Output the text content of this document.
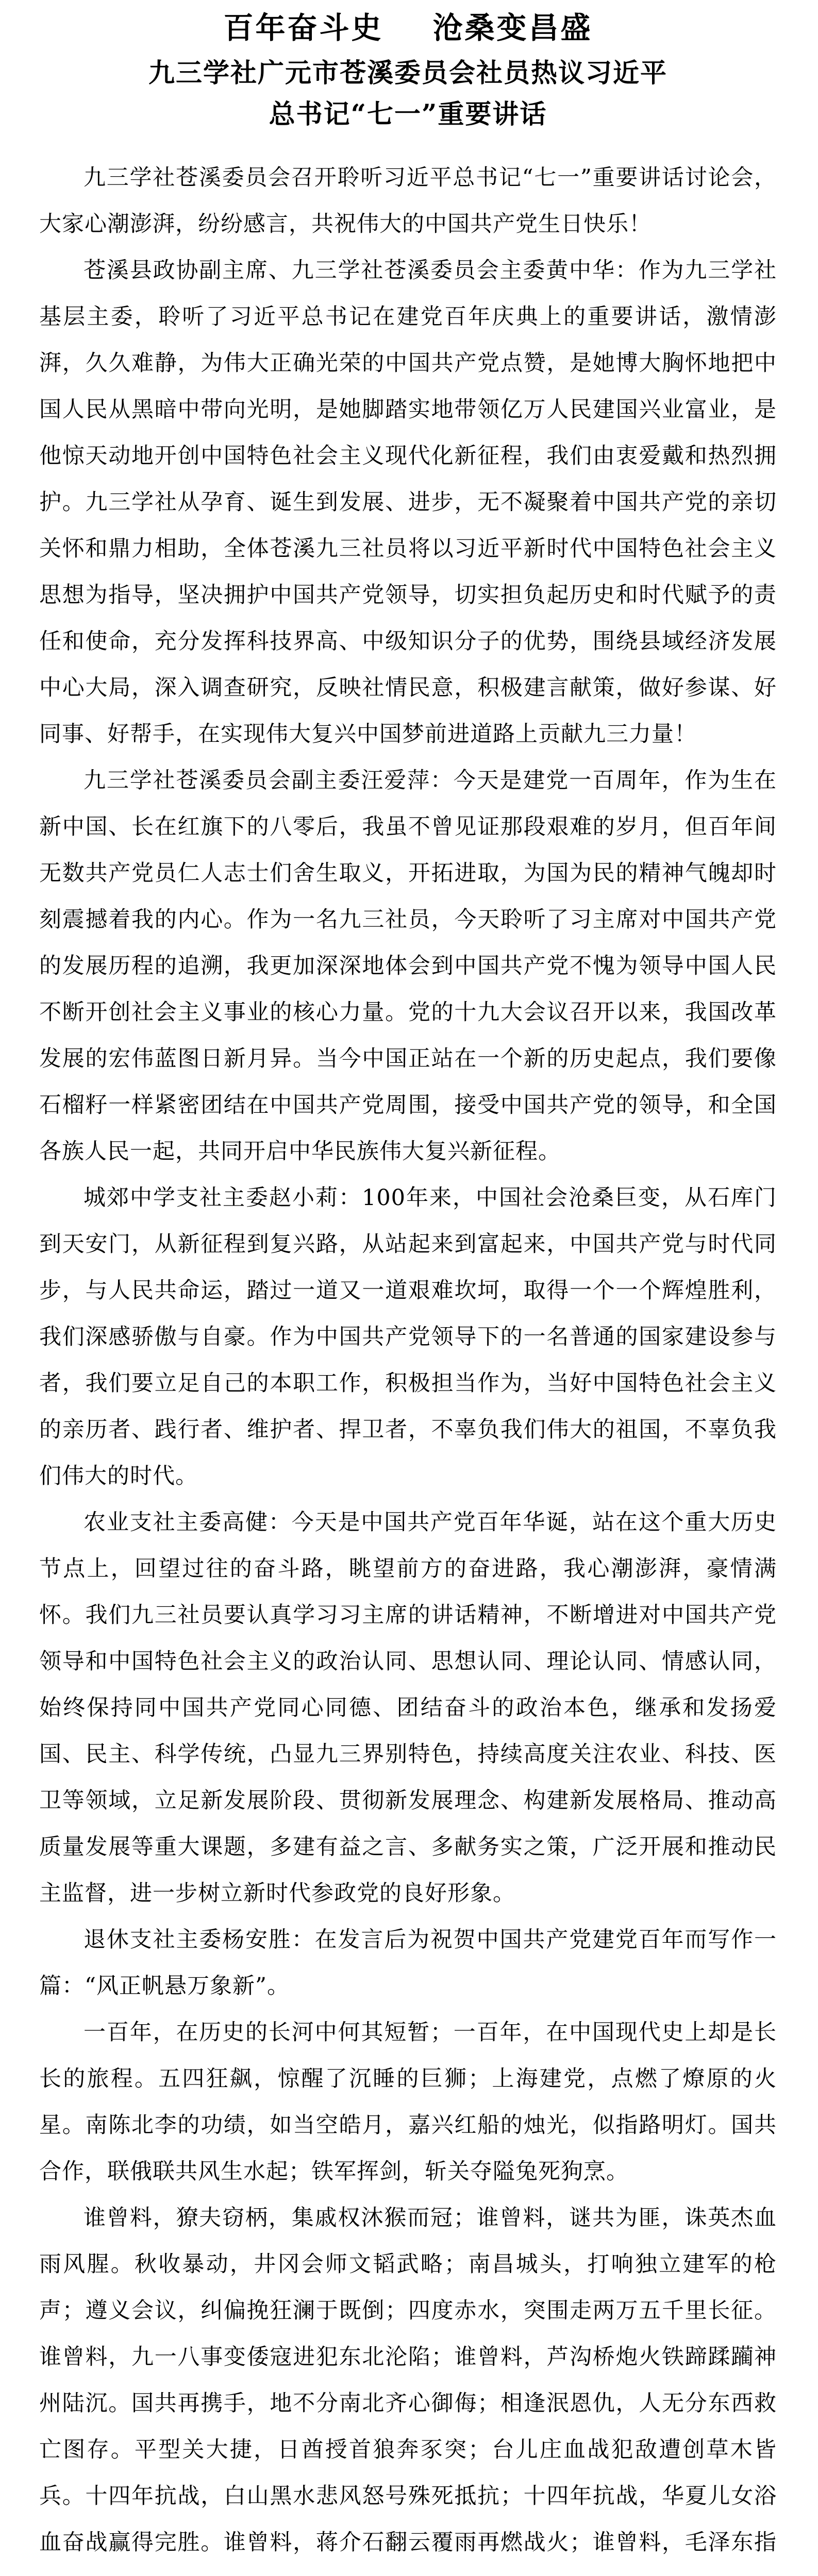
百年奋斗史 沧桑变昌盛
九三学社广元市苍溪委员会社员热议习近平
总书记“七一”重要讲话

九三学社苍溪委员会召开聆听习近平总书记“七一”重要讲话讨论会，大家心潮澎湃，纷纷感言，共祝伟大的中国共产党生日快乐！

苍溪县政协副主席、九三学社苍溪委员会主委黄中华：作为九三学社基层主委，聆听了习近平总书记在建党百年庆典上的重要讲话，激情澎湃，久久难静，为伟大正确光荣的中国共产党点赞，是她博大胸怀地把中国人民从黑暗中带向光明，是她脚踏实地带领亿万人民建国兴业富业，是他惊天动地开创中国特色社会主义现代化新征程，我们由衷爱戴和热烈拥护。九三学社从孕育、诞生到发展、进步，无不凝聚着中国共产党的亲切关怀和鼎力相助，全体苍溪九三社员将以习近平新时代中国特色社会主义思想为指导，坚决拥护中国共产党领导，切实担负起历史和时代赋予的责任和使命，充分发挥科技界高、中级知识分子的优势，围绕县域经济发展中心大局，深入调查研究，反映社情民意，积极建言献策，做好参谋、好同事、好帮手，在实现伟大复兴中国梦前进道路上贡献九三力量！

九三学社苍溪委员会副主委汪爱萍：今天是建党一百周年，作为生在新中国、长在红旗下的八零后，我虽不曾见证那段艰难的岁月，但百年间无数共产党员仁人志士们舍生取义，开拓进取，为国为民的精神气魄却时刻震撼着我的内心。作为一名九三社员，今天聆听了习主席对中国共产党的发展历程的追溯，我更加深深地体会到中国共产党不愧为领导中国人民不断开创社会主义事业的核心力量。党的十九大会议召开以来，我国改革发展的宏伟蓝图日新月异。当今中国正站在一个新的历史起点，我们要像石榴籽一样紧密团结在中国共产党周围，接受中国共产党的领导，和全国各族人民一起，共同开启中华民族伟大复兴新征程。

城郊中学支社主委赵小莉：100年来，中国社会沧桑巨变，从石库门到天安门，从新征程到复兴路，从站起来到富起来，中国共产党与时代同步，与人民共命运，踏过一道又一道艰难坎坷，取得一个一个辉煌胜利，我们深感骄傲与自豪。作为中国共产党领导下的一名普通的国家建设参与者，我们要立足自己的本职工作，积极担当作为，当好中国特色社会主义的亲历者、践行者、维护者、捍卫者，不辜负我们伟大的祖国，不辜负我们伟大的时代。

农业支社主委高健：今天是中国共产党百年华诞，站在这个重大历史节点上，回望过往的奋斗路，眺望前方的奋进路，我心潮澎湃，豪情满怀。我们九三社员要认真学习习主席的讲话精神，不断增进对中国共产党领导和中国特色社会主义的政治认同、思想认同、理论认同、情感认同，始终保持同中国共产党同心同德、团结奋斗的政治本色，继承和发扬爱国、民主、科学传统，凸显九三界别特色，持续高度关注农业、科技、医卫等领域，立足新发展阶段、贯彻新发展理念、构建新发展格局、推动高质量发展等重大课题，多建有益之言、多献务实之策，广泛开展和推动民主监督，进一步树立新时代参政党的良好形象。

退休支社主委杨安胜：在发言后为祝贺中国共产党建党百年而写作一篇：“风正帆悬万象新”。

一百年，在历史的长河中何其短暂；一百年，在中国现代史上却是长长的旅程。五四狂飙，惊醒了沉睡的巨狮；上海建党，点燃了燎原的火星。南陈北李的功绩，如当空皓月，嘉兴红船的烛光，似指路明灯。国共合作，联俄联共风生水起；铁军挥剑，斩关夺隘兔死狗烹。

谁曾料，獠夫窃柄，集戚权沐猴而冠；谁曾料，谜共为匪，诛英杰血雨风腥。秋收暴动，井冈会师文韬武略；南昌城头，打响独立建军的枪声；遵义会议，纠偏挽狂澜于既倒；四度赤水，突围走两万五千里长征。谁曾料，九一八事变倭寇进犯东北沦陷；谁曾料，芦沟桥炮火铁蹄蹂躏神州陆沉。国共再携手，地不分南北齐心御侮；相逢泯恩仇，人无分东西救亡图存。平型关大捷，日酋授首狼奔豕突；台儿庄血战犯敌遭创草木皆兵。十四年抗战，白山黑水悲风怒号殊死抵抗；十四年抗战，华夏儿女浴血奋战赢得完胜。谁曾料，蒋介石翻云覆雨再燃战火；谁曾料，毛泽东指
